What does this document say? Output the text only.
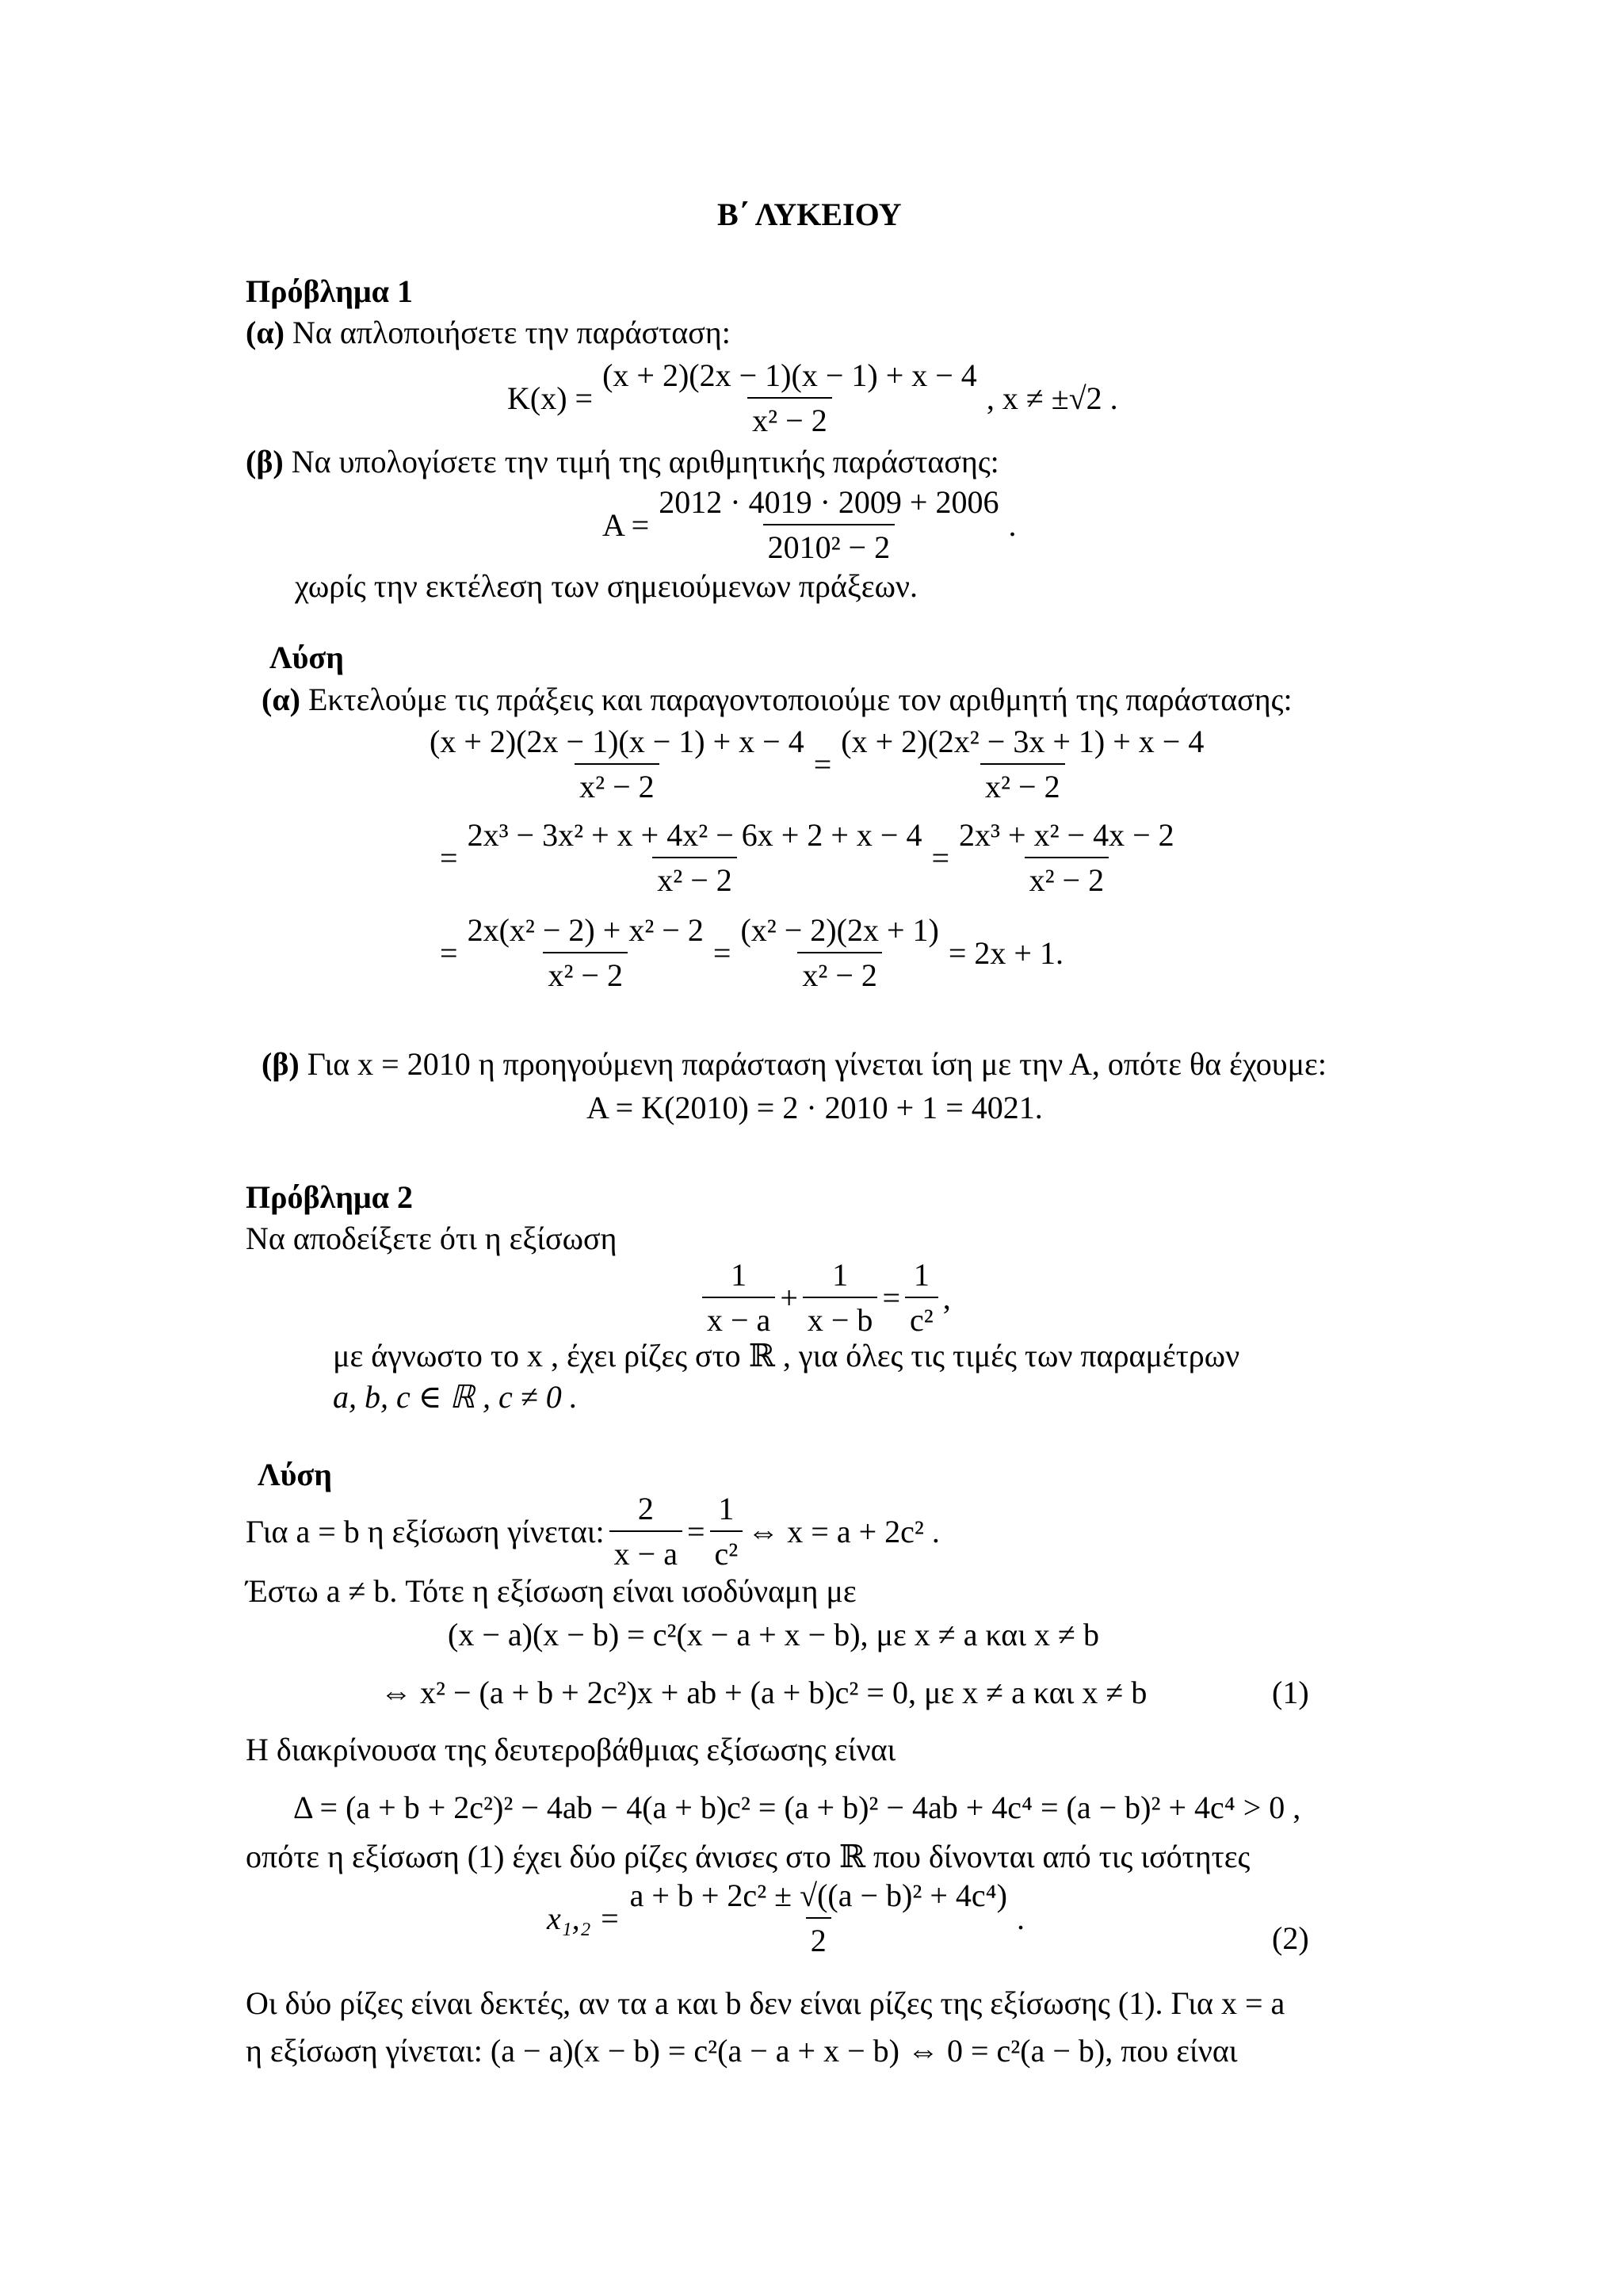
Β΄ ΛΥΚΕΙΟΥ
Πρόβλημα 1
(α) Να απλοποιήσετε την παράσταση:
$K(x) = \frac{(x + 2)(2x - 1)(x - 1) + x - 4}{\text{x² − 2}}$ , x ≠ ±√2 .
(β) Να υπολογίσετε την τιμή της αριθμητικής παράστασης:
$A = \frac{2012 \cdot 4019 \cdot 2009 + 2006}{\text{2010² − 2}}$ .
χωρίς την εκτέλεση των σημειούμενων πράξεων.
Λύση
(α) Εκτελούμε τις πράξεις και παραγοντοποιούμε τον αριθμητή της παράστασης:
$\frac{(x + 2)(2x - 1)(x - 1) + x - 4}{\text{x² − 2}} = \frac{\text{(x + 2)(2x² − 3x + 1) + x − 4}}{\text{x² − 2}}$
= $\frac{\text{2x³ − 3x² + x + 4x² − 6x + 2 + x − 4}}{\text{x² − 2}} = \frac{\text{2x³ + x² − 4x − 2}}{\text{x² − 2}}$
= $\frac{\text{2x(x² − 2) + x² − 2}}{\text{x² − 2}} = \frac{\text{(x² − 2)(2x + 1)}}{\text{x² − 2}} = 2x + 1$.
(β) Για x = 2010 η προηγούμενη παράσταση γίνεται ίση με την Α, οπότε θα έχουμε:
Α = Κ(2010) = 2 · 2010 + 1 = 4021.
Πρόβλημα 2
Να αποδείξετε ότι η εξίσωση
$\frac{1}{x - a} + \frac{1}{x - b} = \frac{1}{\text{c²}}$ ,
με άγνωστο το x , έχει ρίζες στο ℝ , για όλες τις τιμές των παραμέτρων
a, b, c ∈ ℝ , c ≠ 0 .
Λύση
Για a = b η εξίσωση γίνεται: $\frac{2}{x - a} = \frac{1}{\text{c²}}$ ⇔ x = a + 2c² .
Έστω a ≠ b. Τότε η εξίσωση είναι ισοδύναμη με
(x − a)(x − b) = c²(x − a + x − b), με x ≠ a και x ≠ b
⇔ x² − (a + b + 2c²)x + ab + (a + b)c² = 0, με x ≠ a και x ≠ b	(1)
Η διακρίνουσα της δευτεροβάθμιας εξίσωσης είναι
Δ = (a + b + 2c²)² − 4ab − 4(a + b)c² = (a + b)² − 4ab + 4c⁴ = (a − b)² + 4c⁴ > 0 ,
οπότε η εξίσωση (1) έχει δύο ρίζες άνισες στο ℝ που δίνονται από τις ισότητες
$x_1,_2 = \frac{\text{a + b + 2c² ± √((a − b)² + 4c⁴)}}{2}$ .
(2)
Οι δύο ρίζες είναι δεκτές, αν τα a και b δεν είναι ρίζες της εξίσωσης (1). Για x = a
η εξίσωση γίνεται: (a − a)(x − b) = c²(a − a + x − b) ⇔ 0 = c²(a − b), που είναι
